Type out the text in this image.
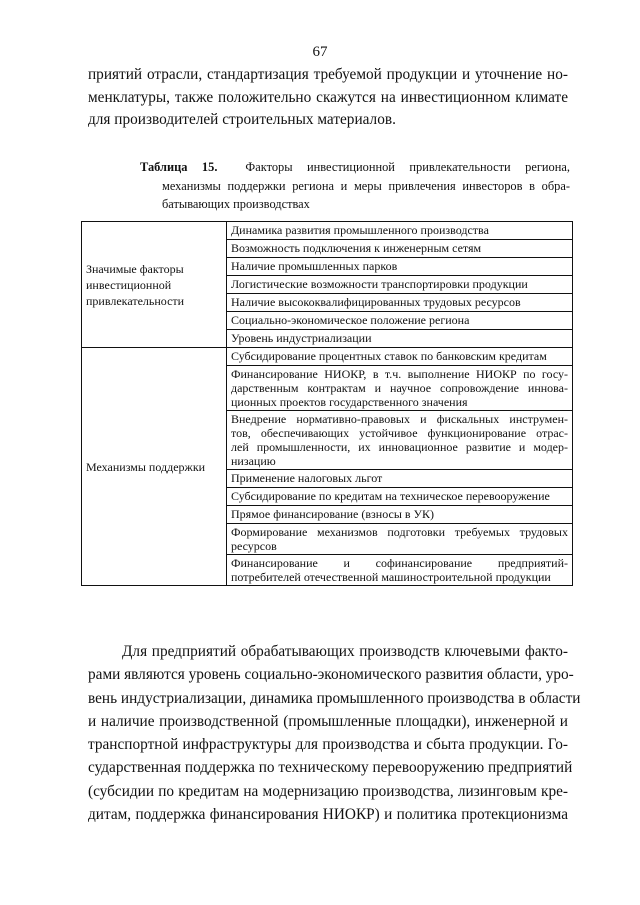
67
приятий отрасли, стандартизация требуемой продукции и уточнение но-
менклатуры, также положительно скажутся на инвестиционном климате
для производителей строительных материалов.
Таблица 15. Факторы инвестиционной привлекательности региона,
механизмы поддержки региона и меры привлечения инвесторов в обра-
батывающих производствах
Значимые факторы
инвестиционной
привлекательности	Динамика развития промышленного производства

	Возможность подключения к инженерным сетям

	Наличие промышленных парков

	Логистические возможности транспортировки продукции

	Наличие высококвалифицированных трудовых ресурсов

	Социально-экономическое положение региона

	Уровень индустриализации

Механизмы поддержки	Субсидирование процентных ставок по банковским кредитам

	Финансирование НИОКР, в т.ч. выполнение НИОКР по госу-
дарственным контрактам и научное сопровождение иннова-
ционных проектов государственного значения

	Внедрение нормативно-правовых и фискальных инструмен-
тов, обеспечивающих устойчивое функционирование отрас-
лей промышленности, их инновационное развитие и модер-
низацию

	Применение налоговых льгот

	Субсидирование по кредитам на техническое перевооружение

	Прямое финансирование (взносы в УК)

	Формирование механизмов подготовки требуемых трудовых
ресурсов

	Финансирование и софинансирование предприятий-
потребителей отечественной машиностроительной продукции
Для предприятий обрабатывающих производств ключевыми факто-
рами являются уровень социально-экономического развития области, уро-
вень индустриализации, динамика промышленного производства в области
и наличие производственной (промышленные площадки), инженерной и
транспортной инфраструктуры для производства и сбыта продукции. Го-
сударственная поддержка по техническому перевооружению предприятий
(субсидии по кредитам на модернизацию производства, лизинговым кре-
дитам, поддержка финансирования НИОКР) и политика протекционизма
